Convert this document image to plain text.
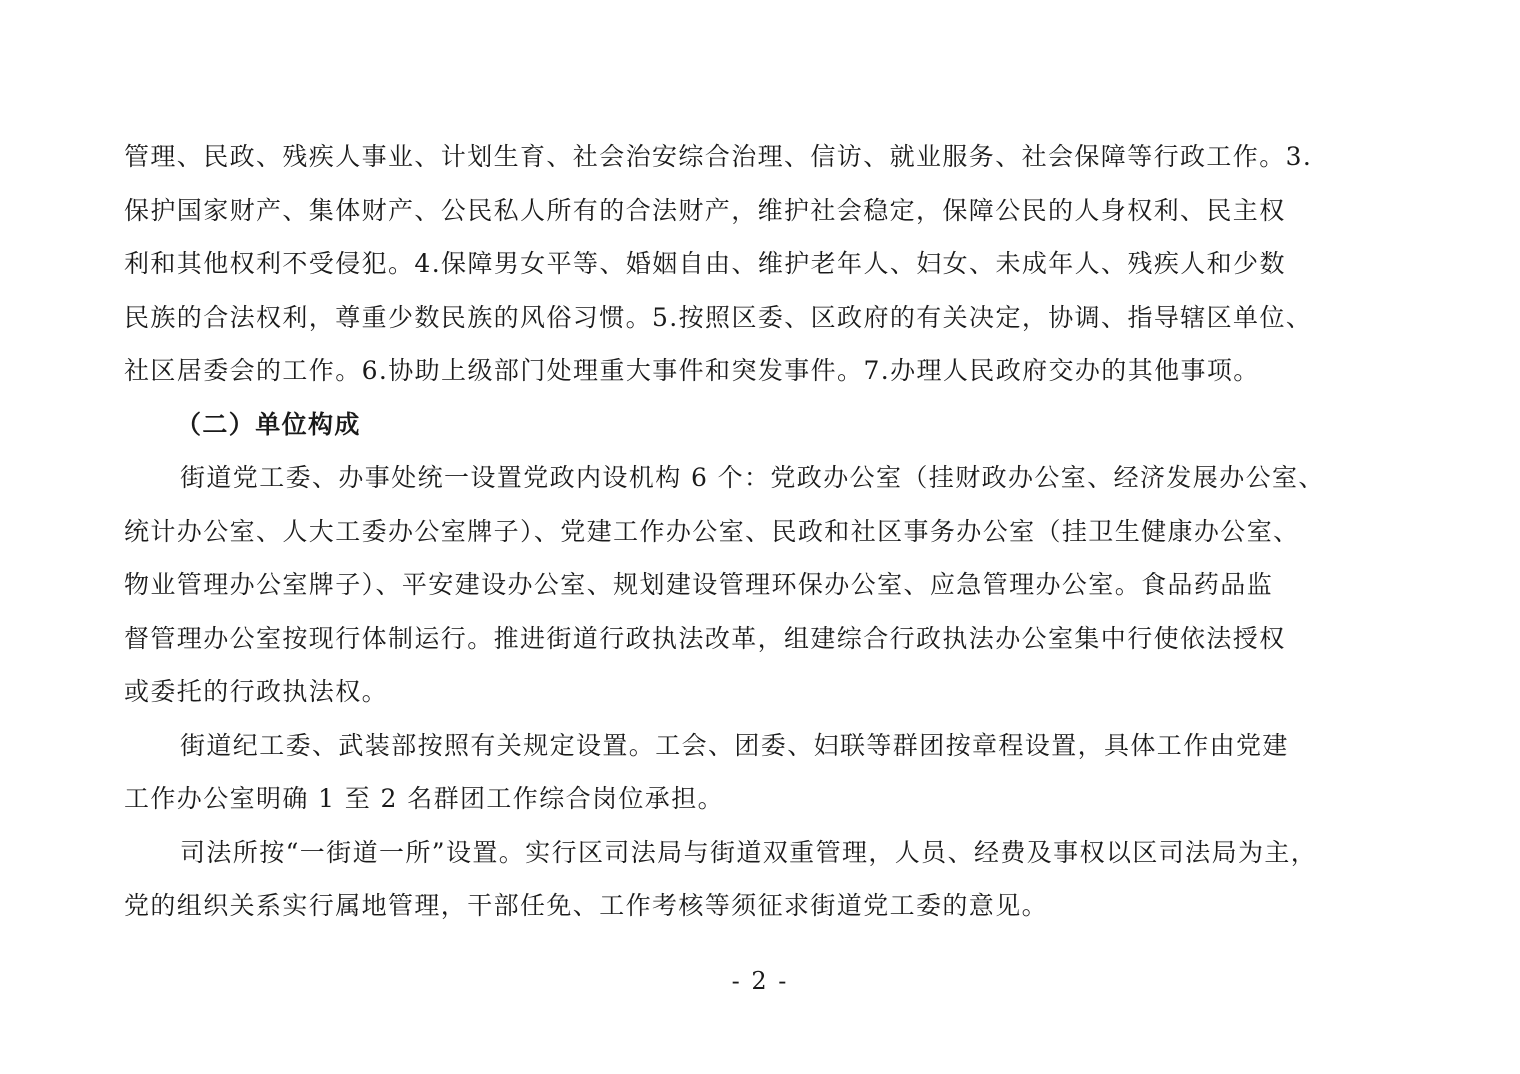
管理、民政、残疾人事业、计划生育、社会治安综合治理、信访、就业服务、社会保障等行政工作。3.
保护国家财产、集体财产、公民私人所有的合法财产，维护社会稳定，保障公民的人身权利、民主权
利和其他权利不受侵犯。4.保障男女平等、婚姻自由、维护老年人、妇女、未成年人、残疾人和少数
民族的合法权利，尊重少数民族的风俗习惯。5.按照区委、区政府的有关决定，协调、指导辖区单位、
社区居委会的工作。6.协助上级部门处理重大事件和突发事件。7.办理人民政府交办的其他事项。
（二）单位构成
街道党工委、办事处统一设置党政内设机构 6 个：党政办公室（挂财政办公室、经济发展办公室、
统计办公室、人大工委办公室牌子）、党建工作办公室、民政和社区事务办公室（挂卫生健康办公室、
物业管理办公室牌子）、平安建设办公室、规划建设管理环保办公室、应急管理办公室。食品药品监
督管理办公室按现行体制运行。推进街道行政执法改革，组建综合行政执法办公室集中行使依法授权
或委托的行政执法权。
街道纪工委、武装部按照有关规定设置。工会、团委、妇联等群团按章程设置，具体工作由党建
工作办公室明确 1 至 2 名群团工作综合岗位承担。
司法所按“一街道一所”设置。实行区司法局与街道双重管理，人员、经费及事权以区司法局为主，
党的组织关系实行属地管理，干部任免、工作考核等须征求街道党工委的意见。
- 2 -
